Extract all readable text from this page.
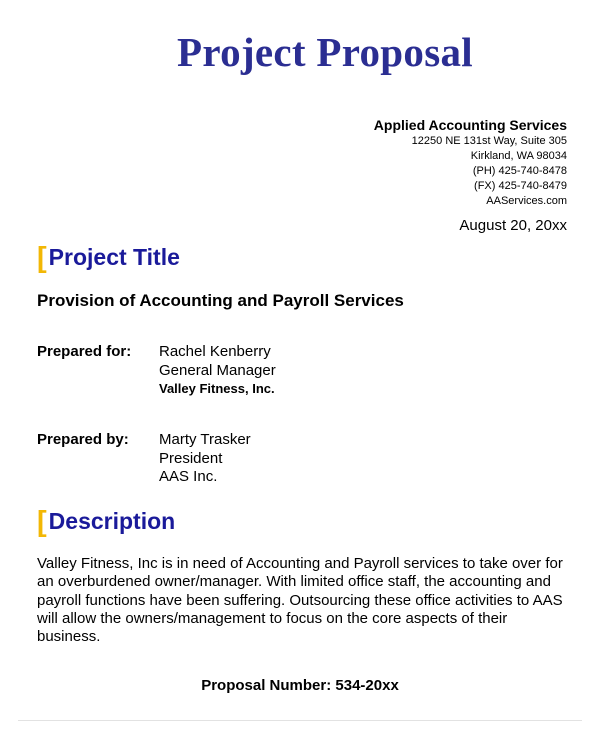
Project Proposal
Applied Accounting Services
12250 NE 131st Way, Suite 305
Kirkland, WA 98034
(PH) 425-740-8478
(FX) 425-740-8479
AAServices.com
August 20, 20xx
[Project Title
Provision of Accounting and Payroll Services
Prepared for: Rachel Kenberry
General Manager
Valley Fitness, Inc.
Prepared by: Marty Trasker
President
AAS Inc.
[Description
Valley Fitness, Inc is in need of Accounting and Payroll services to take over for an overburdened owner/manager. With limited office staff, the accounting and payroll functions have been suffering. Outsourcing these office activities to AAS will allow the owners/management to focus on the core aspects of their business.
Proposal Number: 534-20xx
